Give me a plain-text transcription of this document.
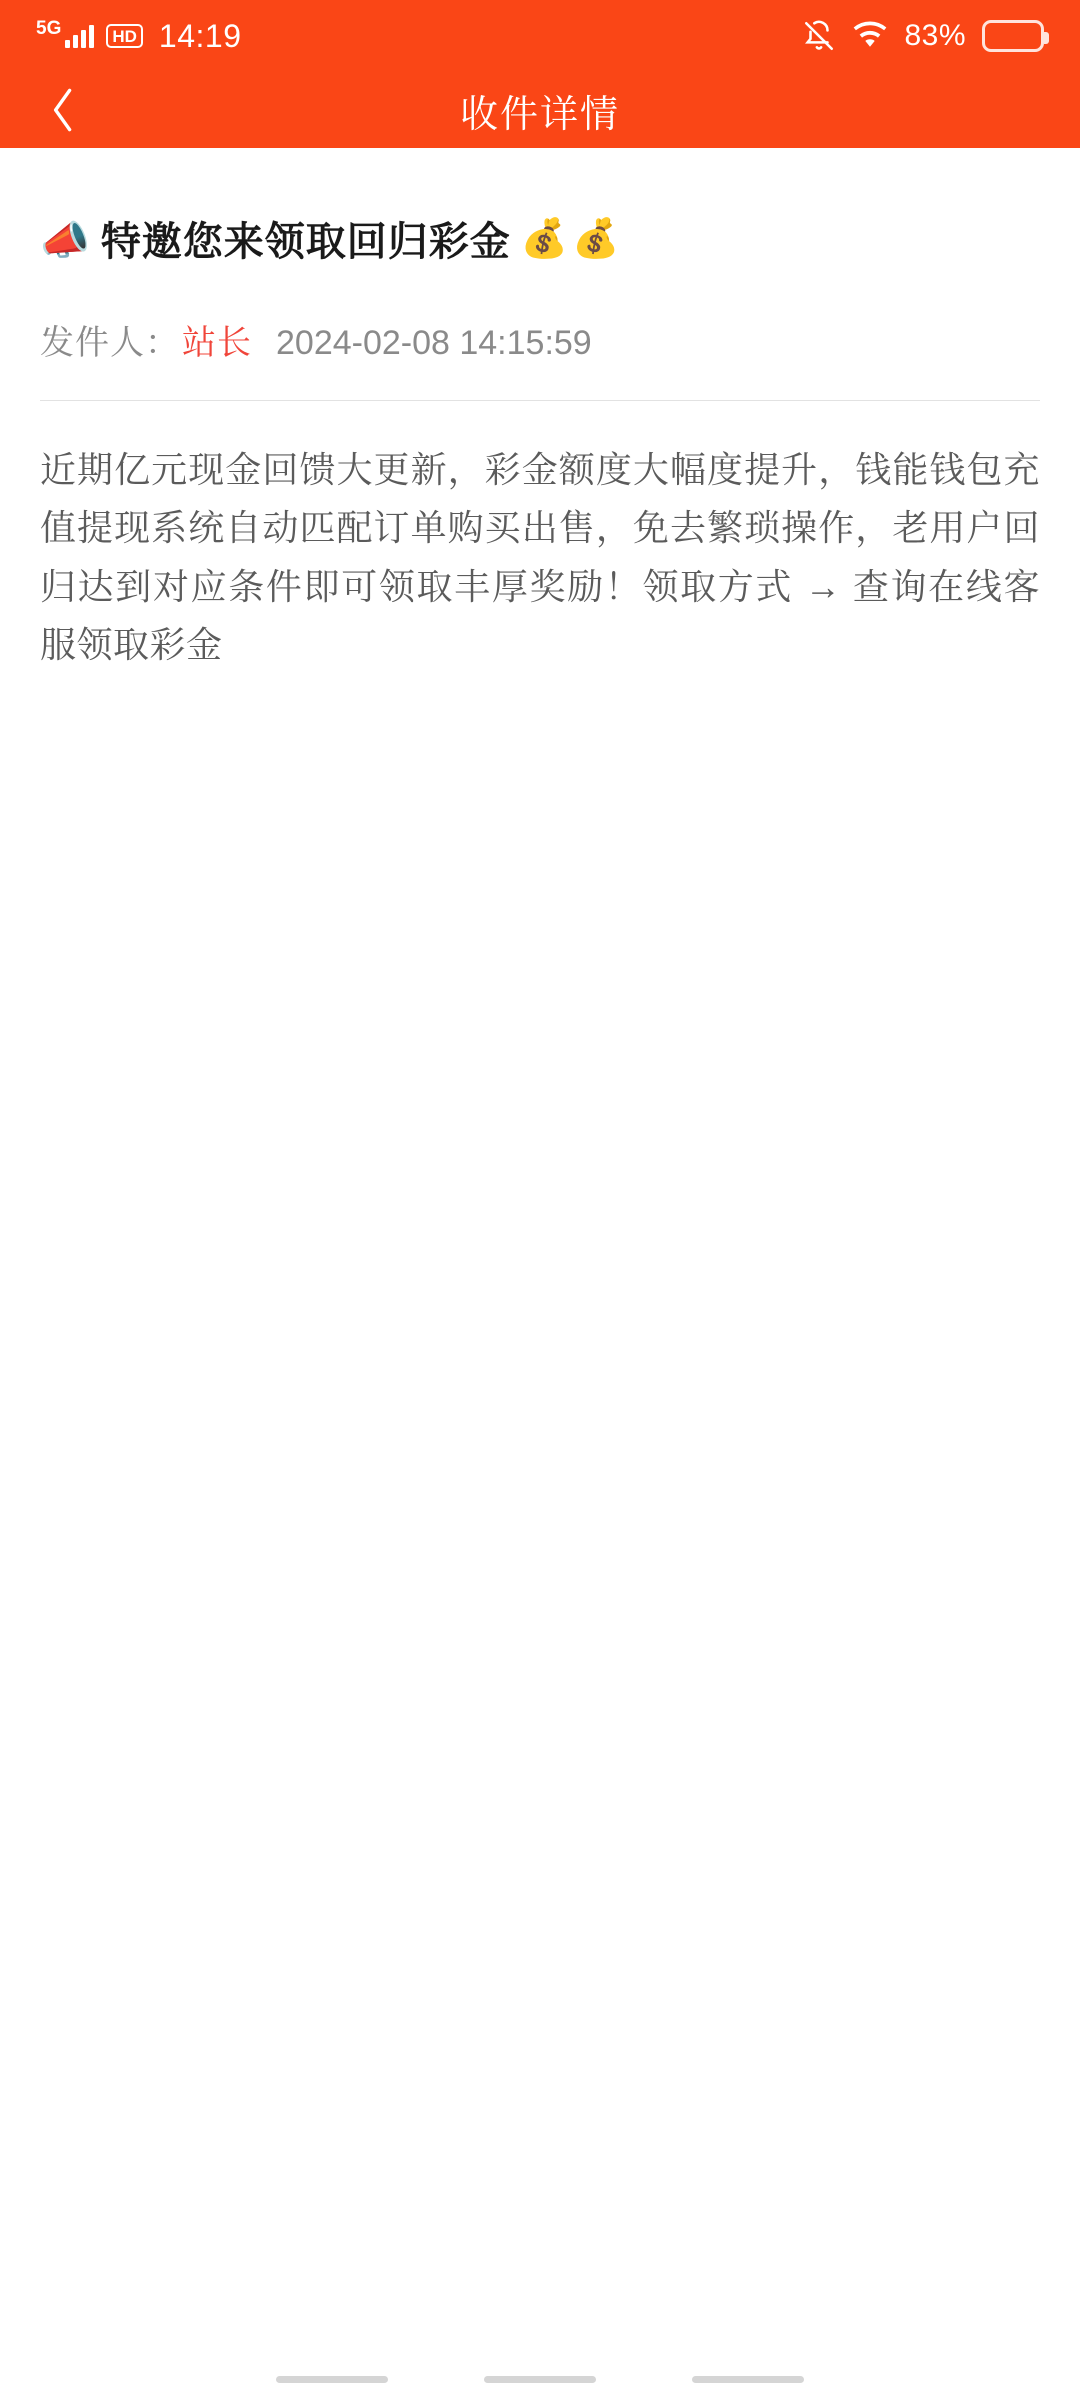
5G	HD 14:19	83%
收件详情
📣 特邀您来领取回归彩金 💰💰
发件人： 站长 2024-02-08 14:15:59
近期亿元现金回馈大更新，彩金额度大幅度提升，钱能钱包充值提现系统自动匹配订单购买出售，免去繁琐操作，老用户回归达到对应条件即可领取丰厚奖励！领取方式 → 查询在线客服领取彩金
